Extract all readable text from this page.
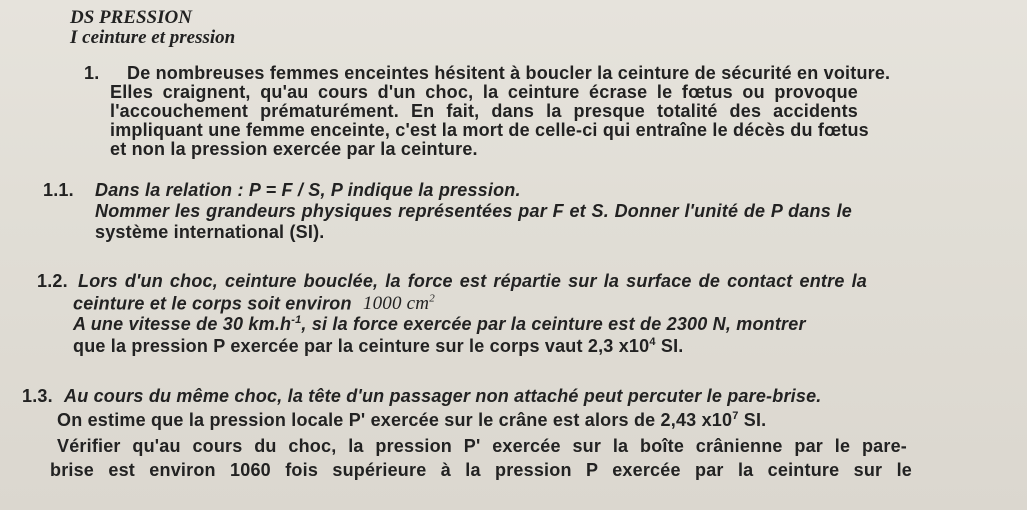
DS PRESSION
I ceinture et pression
1. De nombreuses femmes enceintes hésitent à boucler la ceinture de sécurité en voiture.
Elles craignent, qu'au cours d'un choc, la ceinture écrase le fœtus ou provoque
l'accouchement prématurément. En fait, dans la presque totalité des accidents
impliquant une femme enceinte, c'est la mort de celle-ci qui entraîne le décès du fœtus
et non la pression exercée par la ceinture.
1.1. Dans la relation : P = F / S, P indique la pression.
Nommer les grandeurs physiques représentées par F et S. Donner l'unité de P dans le
système international (SI).
1.2. Lors d'un choc, ceinture bouclée, la force est répartie sur la surface de contact entre la
ceinture et le corps soit environ 1000 $cm^2$
A une vitesse de 30 $km.h^{-1}$, si la force exercée par la ceinture est de 2300 N, montrer
que la pression P exercée par la ceinture sur le corps vaut 2,3 $x10^4$ SI.
1.3. Au cours du même choc, la tête d'un passager non attaché peut percuter le pare-brise.
On estime que la pression locale P' exercée sur le crâne est alors de 2,43 $x10^7$ SI.
Vérifier qu'au cours du choc, la pression P' exercée sur la boîte crânienne par le pare-
brise est environ 1060 fois supérieure à la pression P exercée par la ceinture sur le
